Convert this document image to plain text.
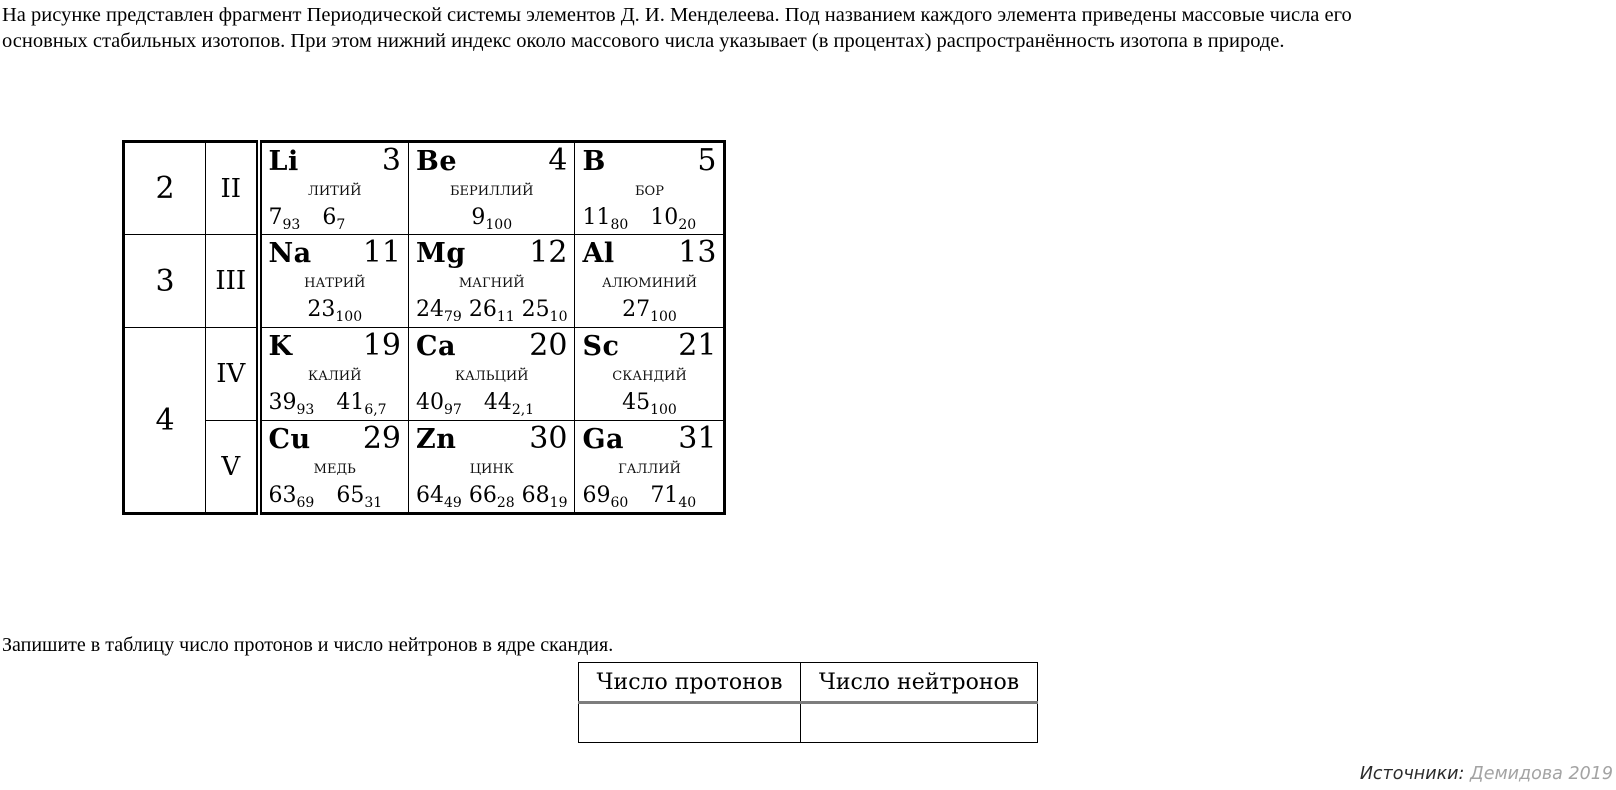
На рисунке представлен фрагмент Периодической системы элементов Д. И. Менделеева. Под названием каждого элемента приведены массовые числа его
основных стабильных изотопов. При этом нижний индекс около массового числа указывает (в процентах) распространённость изотопа в природе.
2	II	
Li	3
ЛИТИЙ
$7_{93}$ $6_7$

Be	4
БЕРИЛЛИЙ
$9_{100}$

B	5
БОР
$11_{80}$ $10_{20}$

3	III	
Na 11
НАТРИЙ
$23_{100}$

Mg 12
МАГНИЙ
$24_{79}$ $26_{11}$ $25_{10}$

Al 13
АЛЮМИНИЙ
$27_{100}$

4	IV	
K 19
КАЛИЙ
$39_{93}$ $41_{6,7}$

Ca 20
КАЛЬЦИЙ
$40_{97}$ $44_{2,1}$

Sc 21
СКАНДИЙ
$45_{100}$

V	
Cu 29
МЕДЬ
$63_{69}$ $65_{31}$

Zn 30
ЦИНК
$64_{49}$ $66_{28}$ $68_{19}$

Ga 31
ГАЛЛИЙ
$69_{60}$ $71_{40}$
Запишите в таблицу число протонов и число нейтронов в ядре скандия.
Число протонов	Число нейтронов

Источники: Демидова 2019
